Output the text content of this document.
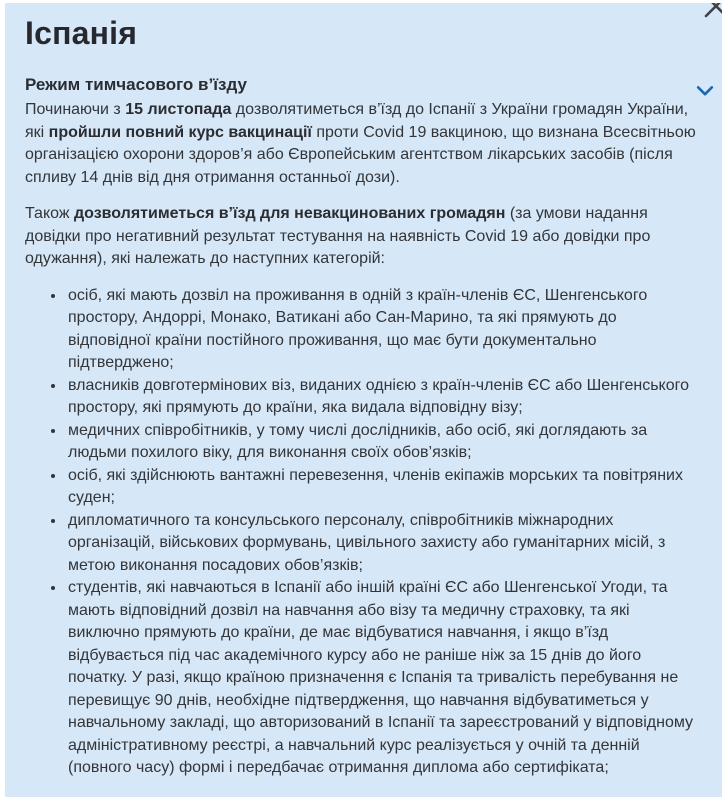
Іспанія
Режим тимчасового в’їзду

Починаючи з 15 листопада дозволятиметься в’їзд до Іспанії з України громадян України, які пройшли повний курс вакцинації проти Covid 19 вакциною, що визнана Всесвітньою організацією охорони здоров’я або Європейським агентством лікарських засобів (після спливу 14 днів від дня отримання останньої дози).

Також дозволятиметься в’їзд для невакцинованих громадян (за умови надання довідки про негативний результат тестування на наявність Covid 19 або довідки про одужання), які належать до наступних категорій:

• осіб, які мають дозвіл на проживання в одній з країн-членів ЄС, Шенгенського простору, Андоррі, Монако, Ватикані або Сан-Марино, та які прямують до відповідної країни постійного проживання, що має бути документально підтверджено;
• власників довготермінових віз, виданих однією з країн-членів ЄС або Шенгенського простору, які прямують до країни, яка видала відповідну візу;
• медичних співробітників, у тому числі дослідників, або осіб, які доглядають за людьми похилого віку, для виконання своїх обов’язків;
• осіб, які здійснюють вантажні перевезення, членів екіпажів морських та повітряних суден;
• дипломатичного та консульського персоналу, співробітників міжнародних організацій, військових формувань, цивільного захисту або гуманітарних місій, з метою виконання посадових обов’язків;
• студентів, які навчаються в Іспанії або іншій країні ЄС або Шенгенської Угоди, та мають відповідний дозвіл на навчання або візу та медичну страховку, та які виключно прямують до країни, де має відбуватися навчання, і якщо в’їзд відбувається під час академічного курсу або не раніше ніж за 15 днів до його початку. У разі, якщо країною призначення є Іспанія та тривалість перебування не перевищує 90 днів, необхідне підтвердження, що навчання відбуватиметься у навчальному закладі, що авторизований в Іспанії та зареєстрований у відповідному адміністративному реєстрі, а навчальний курс реалізується у очній та денній (повного часу) формі і передбачає отримання диплома або сертифіката;
